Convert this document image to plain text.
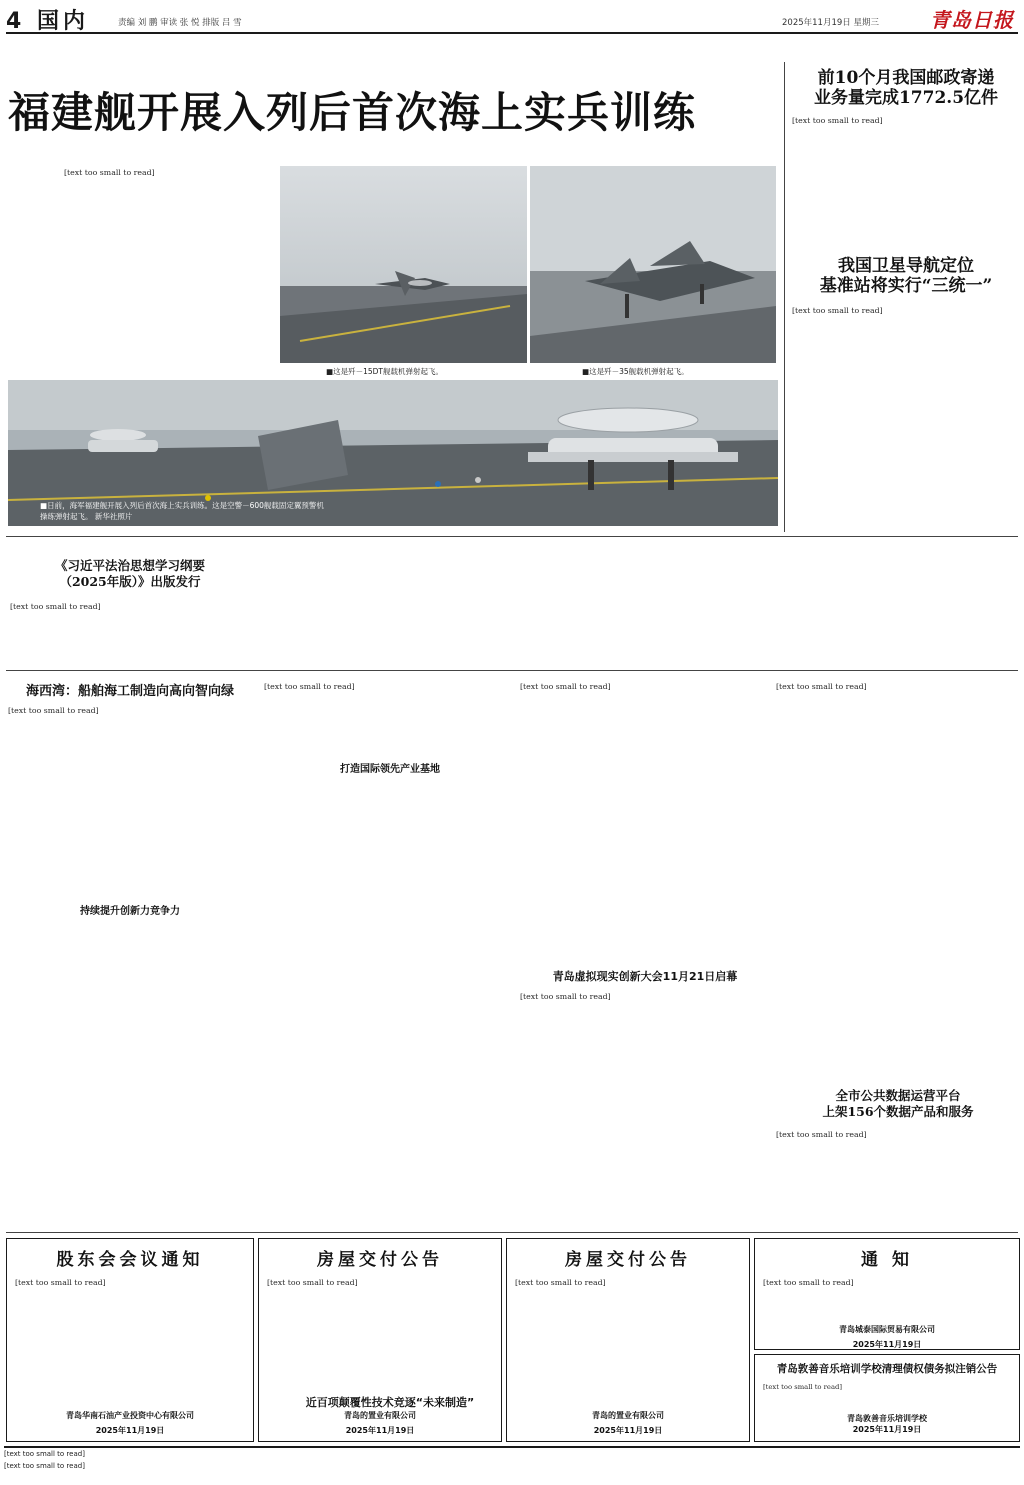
4 国内	责编 刘 鹏 审读 张 悦 排版 吕 雪	2025年11月19日 星期三	青岛日报
福建舰开展入列后首次海上实兵训练
[text too small to read]
■这是歼－15DT舰载机弹射起飞。	■这是歼－35舰载机弹射起飞。
■日前，海军福建舰开展入列后首次海上实兵训练。这是空警－600舰载固定翼预警机操练弹射起飞。 新华社照片
前10个月我国邮政寄递
业务量完成1772.5亿件
[text too small to read]
我国卫星导航定位
基准站将实行“三统一”
[text too small to read]
《习近平法治思想学习纲要
（2025年版）》出版发行
[text too small to read]
海西湾：船舶海工制造向高向智向绿
[text too small to read]
打造国际领先产业基地
持续提升创新力竞争力
[text too small to read]
近百项颠覆性技术竞逐“未来制造”
[text too small to read]
青岛虚拟现实创新大会11月21日启幕
[text too small to read]
[text too small to read]
全市公共数据运营平台
上架156个数据产品和服务
[text too small to read]
股东会会议通知
[text too small to read]
青岛华南石油产业投资中心有限公司
2025年11月19日
房屋交付公告
[text too small to read]
青岛的置业有限公司
2025年11月19日
房屋交付公告
[text too small to read]
青岛的置业有限公司
2025年11月19日
通 知
[text too small to read]
青岛城泰国际贸易有限公司
2025年11月19日
青岛敦善音乐培训学校清理债权债务拟注销公告
[text too small to read]
青岛敦善音乐培训学校
2025年11月19日
[text too small to read]
[text too small to read]
